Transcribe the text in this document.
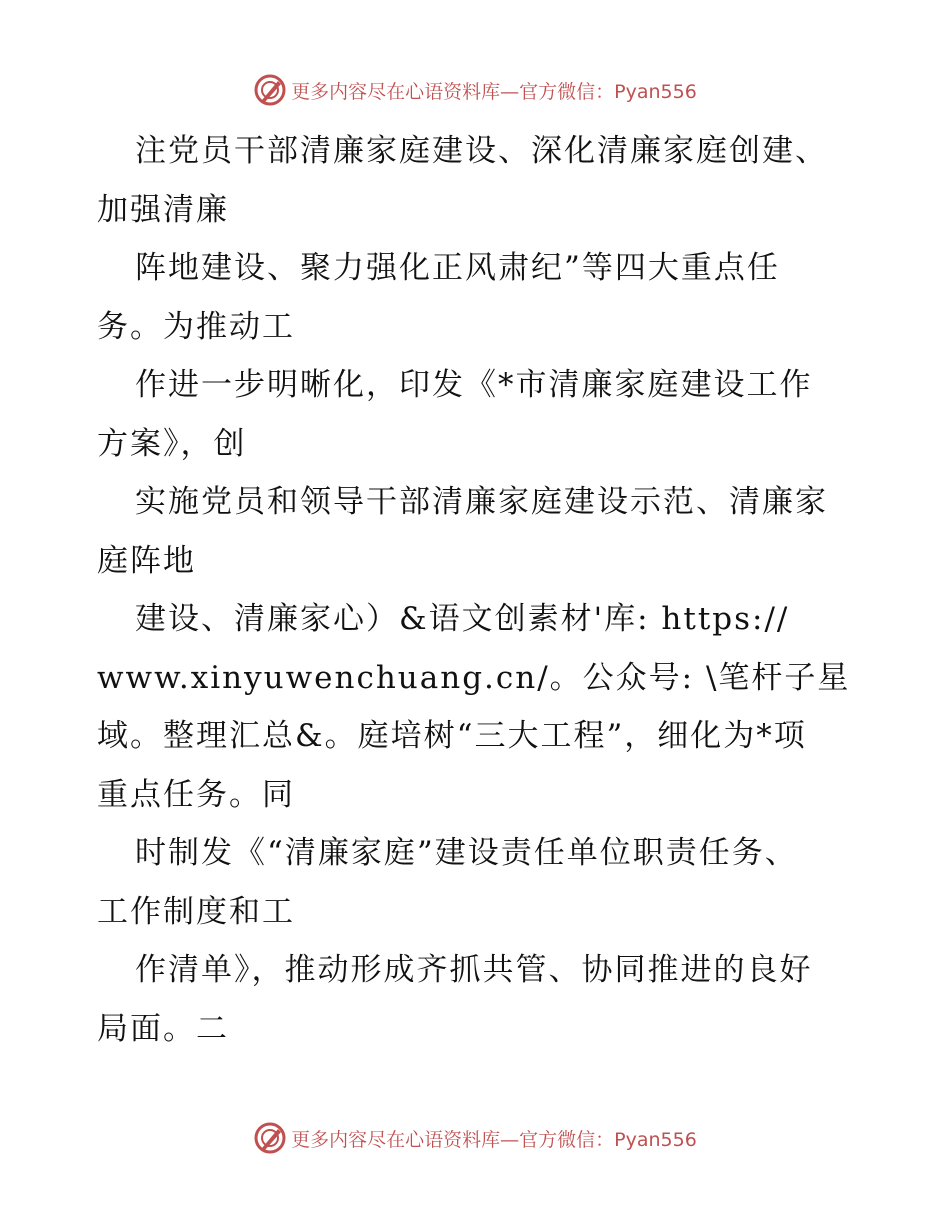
更多内容尽在心语资料库—官方微信：Pyan556
注党员干部清廉家庭建设、深化清廉家庭创建、
加强清廉
阵地建设、聚力强化正风肃纪”等四大重点任
务。为推动工
作进一步明晰化，印发《*市清廉家庭建设工作
方案》，创
实施党员和领导干部清廉家庭建设示范、清廉家
庭阵地
建设、清廉家心）&语文创素材'库: https://
www.xinyuwenchuang.cn/。公众号: \笔杆子星
域。整理汇总&。庭培树“三大工程”，细化为*项
重点任务。同
时制发《“清廉家庭”建设责任单位职责任务、
工作制度和工
作清单》，推动形成齐抓共管、协同推进的良好
局面。二
更多内容尽在心语资料库—官方微信：Pyan556
